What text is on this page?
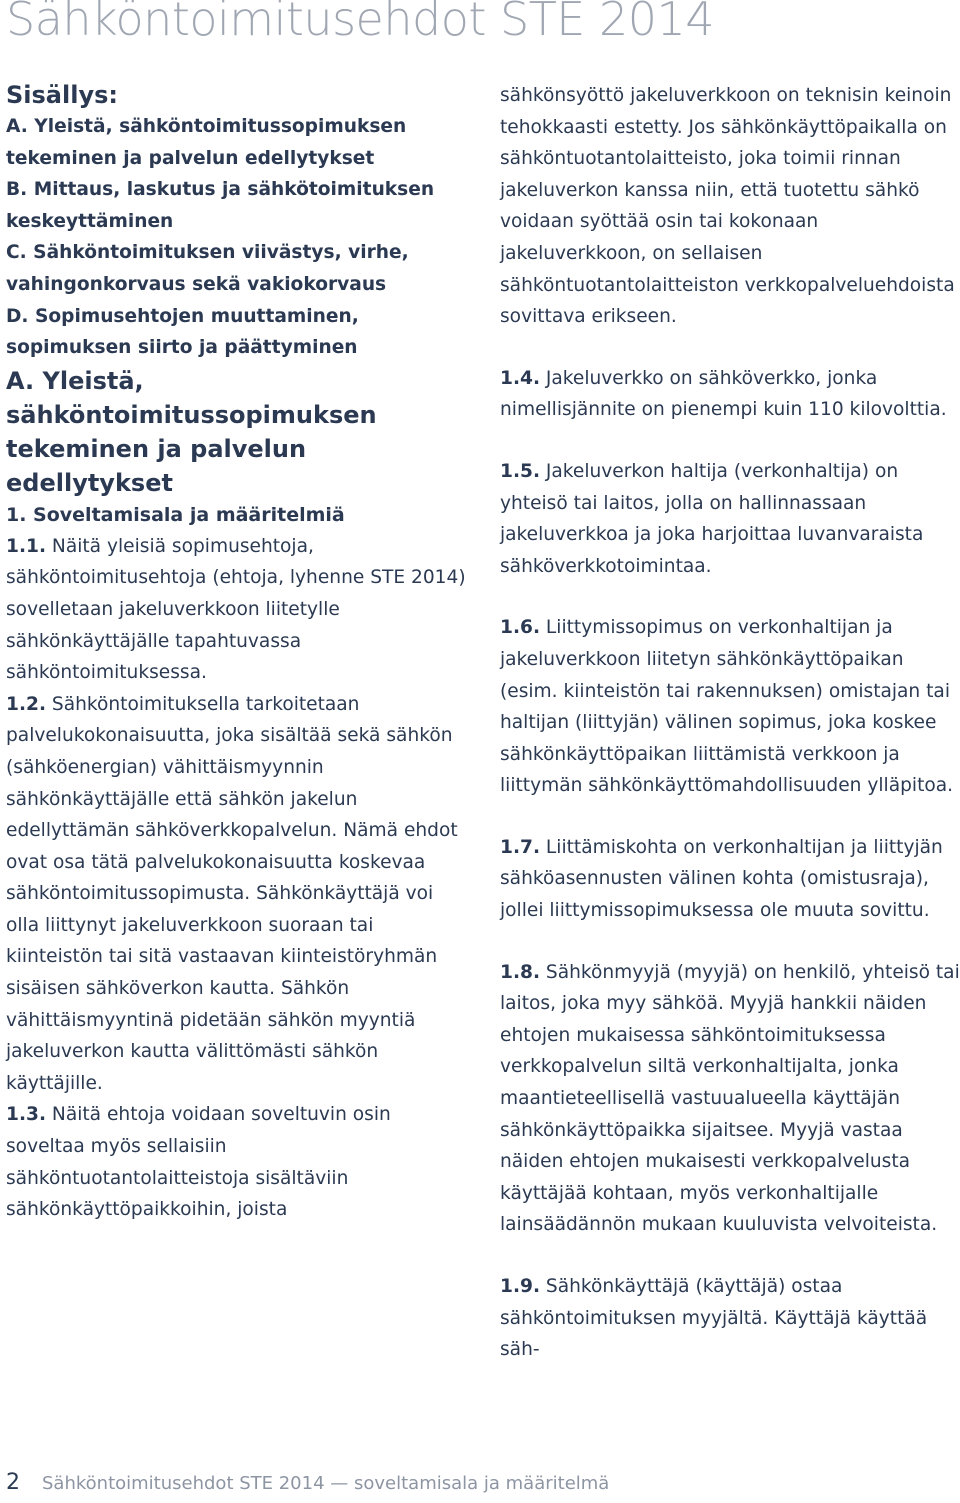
Sähköntoimitusehdot STE 2014

Sisällys:

A. Yleistä, sähköntoimitussopimuksen tekeminen ja palvelun edellytykset

B. Mittaus, laskutus ja sähkötoimituksen keskeyttäminen

C. Sähköntoimituksen viivästys, virhe, vahingonkorvaus sekä vakiokorvaus

D. Sopimusehtojen muuttaminen, sopimuksen siirto ja päättyminen

A. Yleistä, sähköntoimitussopimuksen tekeminen ja palvelun edellytykset

1. Soveltamisala ja määritelmiä

1.1. Näitä yleisiä sopimusehtoja, sähköntoimitusehtoja (ehtoja, lyhenne STE 2014) sovelletaan jakeluverkkoon liitetylle sähkönkäyttäjälle tapahtuvassa sähköntoimituksessa.

1.2. Sähköntoimituksella tarkoitetaan palvelukokonaisuutta, joka sisältää sekä sähkön (sähköenergian) vähittäismyynnin sähkönkäyttäjälle että sähkön jakelun edellyttämän sähköverkkopalvelun. Nämä ehdot ovat osa tätä palvelukokonaisuutta koskevaa sähköntoimitussopimusta. Sähkönkäyttäjä voi olla liittynyt jakeluverkkoon suoraan tai kiinteistön tai sitä vastaavan kiinteistöryhmän sisäisen sähköverkon kautta. Sähkön vähittäismyyntinä pidetään sähkön myyntiä jakeluverkon kautta välittömästi sähkön käyttäjille.

1.3. Näitä ehtoja voidaan soveltuvin osin soveltaa myös sellaisiin sähköntuotantolaitteistoja sisältäviin sähkönkäyttöpaikkoihin, joista

sähkönsyöttö jakeluverkkoon on teknisin keinoin tehokkaasti estetty. Jos sähkönkäyttöpaikalla on sähköntuotantolaitteisto, joka toimii rinnan jakeluverkon kanssa niin, että tuotettu sähkö voidaan syöttää osin tai kokonaan jakeluverkkoon, on sellaisen sähköntuotantolaitteiston verkkopalveluehdoista sovittava erikseen.

1.4. Jakeluverkko on sähköverkko, jonka nimellisjännite on pienempi kuin 110 kilovolttia.

1.5. Jakeluverkon haltija (verkonhaltija) on yhteisö tai laitos, jolla on hallinnassaan jakeluverkkoa ja joka harjoittaa luvanvaraista sähköverkkotoimintaa.

1.6. Liittymissopimus on verkonhaltijan ja jakeluverkkoon liitetyn sähkönkäyttöpaikan (esim. kiinteistön tai rakennuksen) omistajan tai haltijan (liittyjän) välinen sopimus, joka koskee sähkönkäyttöpaikan liittämistä verkkoon ja liittymän sähkönkäyttömahdollisuuden ylläpitoa.

1.7. Liittämiskohta on verkonhaltijan ja liittyjän sähköasennusten välinen kohta (omistusraja), jollei liittymissopimuksessa ole muuta sovittu.

1.8. Sähkönmyyjä (myyjä) on henkilö, yhteisö tai laitos, joka myy sähköä. Myyjä hankkii näiden ehtojen mukaisessa sähköntoimituksessa verkkopalvelun siltä verkonhaltijalta, jonka maantieteellisellä vastuualueella käyttäjän sähkönkäyttöpaikka sijaitsee. Myyjä vastaa näiden ehtojen mukaisesti verkkopalvelusta käyttäjää kohtaan, myös verkonhaltijalle lainsäädännön mukaan kuuluvista velvoiteista.

1.9. Sähkönkäyttäjä (käyttäjä) ostaa sähköntoimituksen myyjältä. Käyttäjä käyttää säh-

2 Sähköntoimitusehdot STE 2014 — soveltamisala ja määritelmä
